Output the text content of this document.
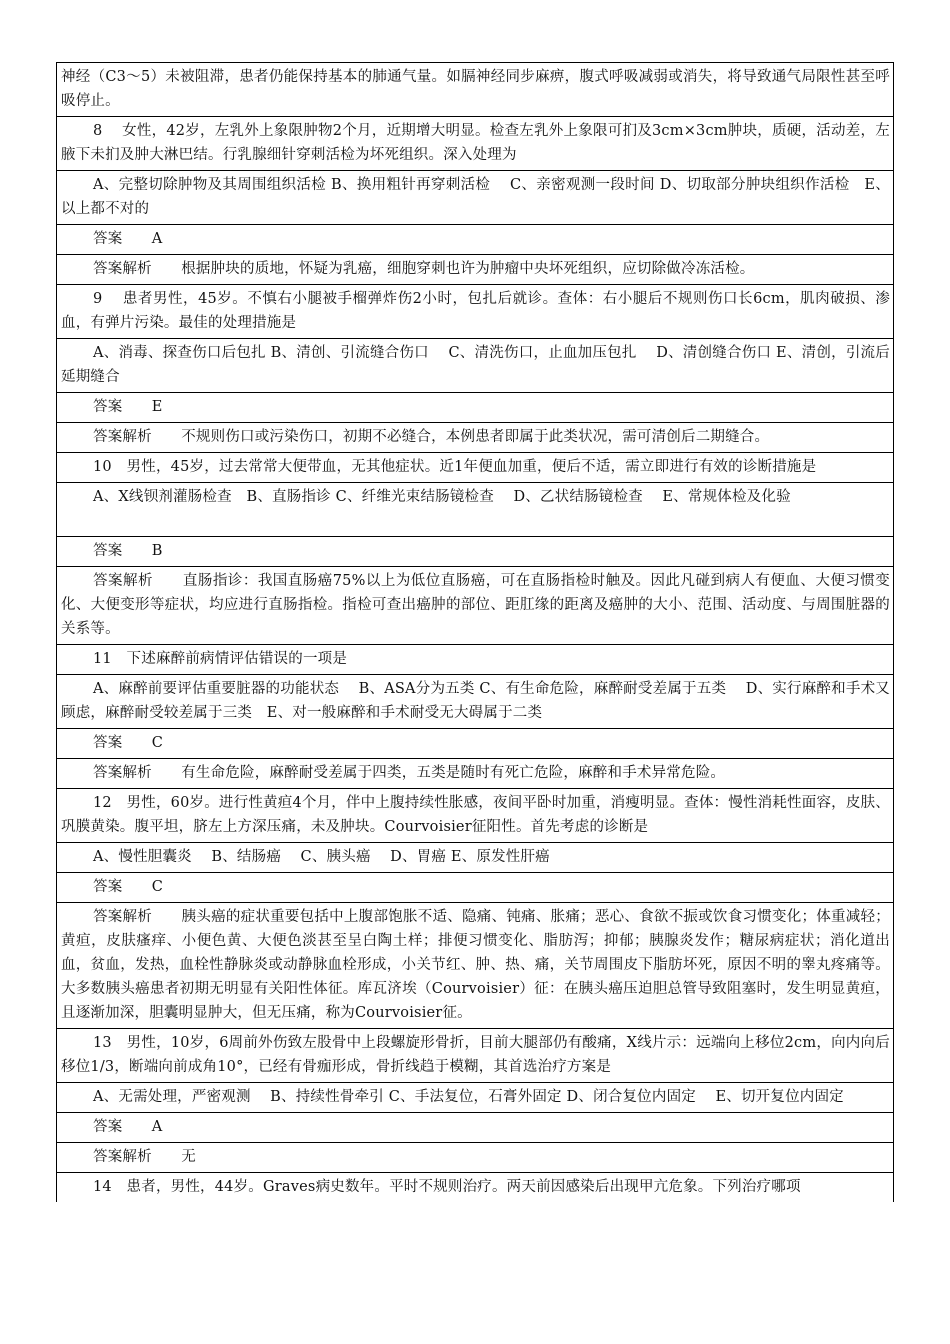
神经（C3～5）未被阻滞，患者仍能保持基本的肺通气量。如膈神经同步麻痹，腹式呼吸减弱或消失，将导致通气局限性甚至呼吸停止。
8　 女性，42岁，左乳外上象限肿物2个月，近期增大明显。检查左乳外上象限可扪及3cm×3cm肿块，质硬，活动差，左腋下未扪及肿大淋巴结。行乳腺细针穿刺活检为坏死组织。深入处理为
A、完整切除肿物及其周围组织活检 B、换用粗针再穿刺活检　 C、亲密观测一段时间 D、切取部分肿块组织作活检　E、以上都不对的
答案　　A
答案解析　　根据肿块的质地，怀疑为乳癌，细胞穿刺也许为肿瘤中央坏死组织，应切除做冷冻活检。
9　 患者男性，45岁。不慎右小腿被手榴弹炸伤2小时，包扎后就诊。查体：右小腿后不规则伤口长6cm，肌肉破损、渗血，有弹片污染。最佳的处理措施是
A、消毒、探查伤口后包扎 B、清创、引流缝合伤口　 C、清洗伤口，止血加压包扎　 D、清创缝合伤口 E、清创，引流后延期缝合
答案　　E
答案解析　　不规则伤口或污染伤口，初期不必缝合，本例患者即属于此类状况，需可清创后二期缝合。
10　男性，45岁，过去常常大便带血，无其他症状。近1年便血加重，便后不适，需立即进行有效的诊断措施是
A、X线钡剂灌肠检查　B、直肠指诊 C、纤维光束结肠镜检查　 D、乙状结肠镜检查　 E、常规体检及化验
答案　　B
答案解析　　直肠指诊：我国直肠癌75%以上为低位直肠癌，可在直肠指检时触及。因此凡碰到病人有便血、大便习惯变化、大便变形等症状，均应进行直肠指检。指检可查出癌肿的部位、距肛缘的距离及癌肿的大小、范围、活动度、与周围脏器的关系等。
11　下述麻醉前病情评估错误的一项是
A、麻醉前要评估重要脏器的功能状态　 B、ASA分为五类 C、有生命危险，麻醉耐受差属于五类　 D、实行麻醉和手术又顾虑，麻醉耐受较差属于三类　E、对一般麻醉和手术耐受无大碍属于二类
答案　　C
答案解析　　有生命危险，麻醉耐受差属于四类，五类是随时有死亡危险，麻醉和手术异常危险。
12　男性，60岁。进行性黄疸4个月，伴中上腹持续性胀感，夜间平卧时加重，消瘦明显。查体：慢性消耗性面容，皮肤、巩膜黄染。腹平坦，脐左上方深压痛，未及肿块。Courvoisier征阳性。首先考虑的诊断是
A、慢性胆囊炎　 B、结肠癌　 C、胰头癌　 D、胃癌 E、原发性肝癌
答案　　C
答案解析　　胰头癌的症状重要包括中上腹部饱胀不适、隐痛、钝痛、胀痛；恶心、食欲不振或饮食习惯变化；体重减轻；黄疸，皮肤瘙痒、小便色黄、大便色淡甚至呈白陶土样；排便习惯变化、脂肪泻；抑郁；胰腺炎发作；糖尿病症状；消化道出血，贫血，发热，血栓性静脉炎或动静脉血栓形成，小关节红、肿、热、痛，关节周围皮下脂肪坏死，原因不明的睾丸疼痛等。大多数胰头癌患者初期无明显有关阳性体征。库瓦济埃（Courvoisier）征：在胰头癌压迫胆总管导致阻塞时，发生明显黄疸，且逐渐加深，胆囊明显肿大，但无压痛，称为Courvoisier征。
13　男性，10岁，6周前外伤致左股骨中上段螺旋形骨折，目前大腿部仍有酸痛，X线片示：远端向上移位2cm，向内向后移位1/3，断端向前成角10°，已经有骨痂形成，骨折线趋于模糊，其首选治疗方案是
A、无需处理，严密观测　 B、持续性骨牵引 C、手法复位，石膏外固定 D、闭合复位内固定　 E、切开复位内固定
答案　　A
答案解析　　无
14　患者，男性，44岁。Graves病史数年。平时不规则治疗。两天前因感染后出现甲亢危象。下列治疗哪项
